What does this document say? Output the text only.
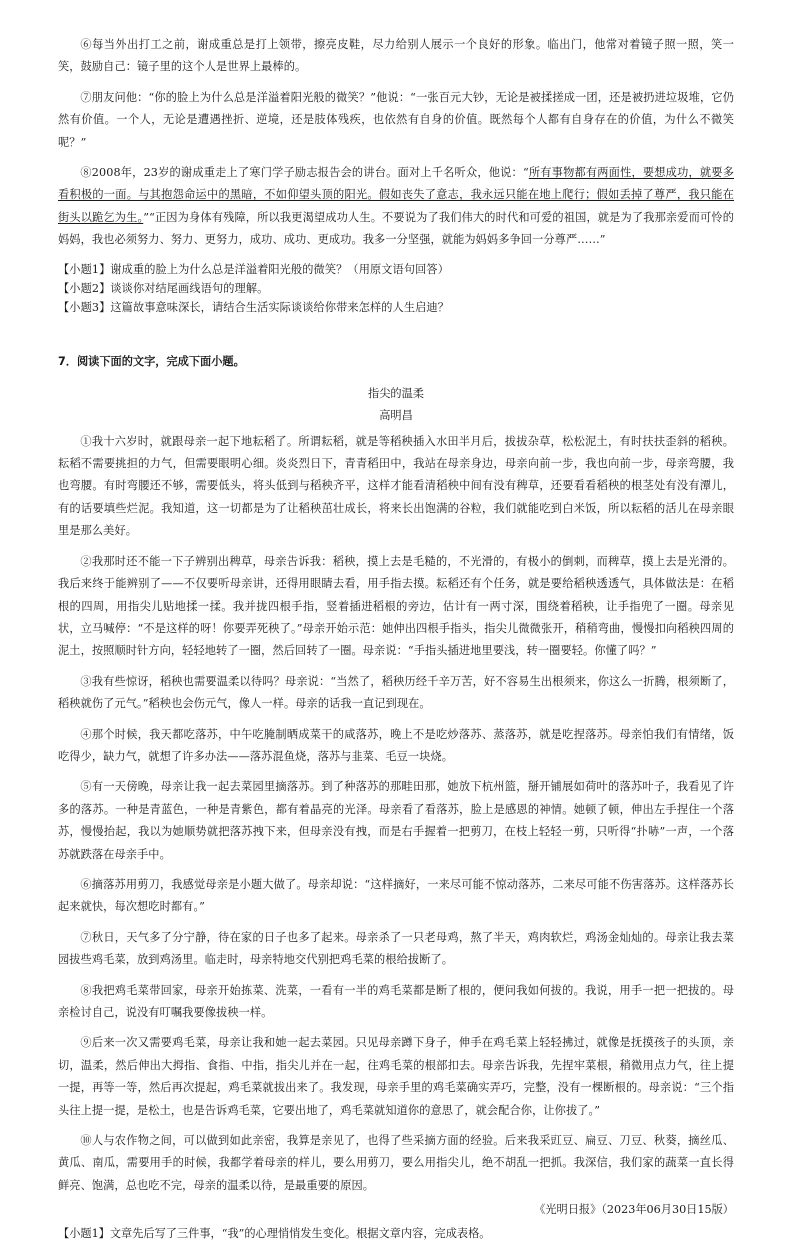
⑥每当外出打工之前，谢成重总是打上领带，擦亮皮鞋，尽力给别人展示一个良好的形象。临出门，他常对着镜子照一照，笑一笑，鼓励自己：镜子里的这个人是世界上最棒的。

⑦朋友问他：“你的脸上为什么总是洋溢着阳光般的微笑？”他说：“一张百元大钞，无论是被揉搓成一团，还是被扔进垃圾堆，它仍然有价值。一个人，无论是遭遇挫折、逆境，还是肢体残疾，也依然有自身的价值。既然每个人都有自身存在的价值，为什么不微笑呢？”

⑧2008年，23岁的谢成重走上了寒门学子励志报告会的讲台。面对上千名听众，他说：“所有事物都有两面性，要想成功，就要多看积极的一面。与其抱怨命运中的黑暗，不如仰望头顶的阳光。假如丧失了意志，我永远只能在地上爬行；假如丢掉了尊严，我只能在街头以跪乞为生。”“正因为身体有残障，所以我更渴望成功人生。不要说为了我们伟大的时代和可爱的祖国，就是为了我那亲爱而可怜的妈妈，我也必须努力、努力、更努力，成功、成功、更成功。我多一分坚强，就能为妈妈多争回一分尊严……”

【小题1】谢成重的脸上为什么总是洋溢着阳光般的微笑？（用原文语句回答）

【小题2】谈谈你对结尾画线语句的理解。

【小题3】这篇故事意味深长，请结合生活实际谈谈给你带来怎样的人生启迪？

7．阅读下面的文字，完成下面小题。
指尖的温柔
高明昌

①我十六岁时，就跟母亲一起下地耘稻了。所谓耘稻，就是等稻秧插入水田半月后，拔拔杂草，松松泥土，有时扶扶歪斜的稻秧。耘稻不需要挑担的力气，但需要眼明心细。炎炎烈日下，青青稻田中，我站在母亲身边，母亲向前一步，我也向前一步，母亲弯腰，我也弯腰。有时弯腰还不够，需要低头，将头低到与稻秧齐平，这样才能看清稻秧中间有没有稗草，还要看看稻秧的根茎处有没有潭儿，有的话要填些烂泥。我知道，这一切都是为了让稻秧茁壮成长，将来长出饱满的谷粒，我们就能吃到白米饭，所以耘稻的活儿在母亲眼里是那么美好。

②我那时还不能一下子辨别出稗草，母亲告诉我：稻秧，摸上去是毛糙的，不光滑的，有极小的倒刺，而稗草，摸上去是光滑的。我后来终于能辨别了——不仅要听母亲讲，还得用眼睛去看，用手指去摸。耘稻还有个任务，就是要给稻秧透透气，具体做法是：在稻根的四周，用指尖儿贴地揉一揉。我并拢四根手指，竖着插进稻根的旁边，估计有一两寸深，围绕着稻秧，让手指兜了一圈。母亲见状，立马喊停：“不是这样的呀！你要弄死秧了。”母亲开始示范：她伸出四根手指头，指尖儿微微张开，稍稍弯曲，慢慢扣向稻秧四周的泥土，按照顺时针方向，轻轻地转了一圈，然后回转了一圈。母亲说：“手指头插进地里要浅，转一圈要轻。你懂了吗？”

③我有些惊讶，稻秧也需要温柔以待吗？母亲说：“当然了，稻秧历经千辛万苦，好不容易生出根须来，你这么一折腾，根须断了，稻秧就伤了元气。”稻秧也会伤元气，像人一样。母亲的话我一直记到现在。

④那个时候，我天都吃落苏，中午吃腌制晒成菜干的咸落苏，晚上不是吃炒落苏、蒸落苏，就是吃捏落苏。母亲怕我们有情绪，饭吃得少，缺力气，就想了许多办法——落苏混鱼烧，落苏与韭菜、毛豆一块烧。

⑤有一天傍晚，母亲让我一起去菜园里摘落苏。到了种落苏的那畦田那，她放下杭州篮，掰开铺展如荷叶的落苏叶子，我看见了许多的落苏。一种是青蓝色，一种是青紫色，都有着晶亮的光泽。母亲看了看落苏，脸上是感恩的神情。她顿了顿，伸出左手捏住一个落苏，慢慢抬起，我以为她顺势就把落苏拽下来，但母亲没有拽，而是右手握着一把剪刀，在枝上轻轻一剪，只听得“扑哧”一声，一个落苏就跌落在母亲手中。

⑥摘落苏用剪刀，我感觉母亲是小题大做了。母亲却说：“这样摘好，一来尽可能不惊动落苏，二来尽可能不伤害落苏。这样落苏长起来就快，每次想吃时都有。”

⑦秋日，天气多了分宁静，待在家的日子也多了起来。母亲杀了一只老母鸡，熬了半天，鸡肉软烂，鸡汤金灿灿的。母亲让我去菜园拔些鸡毛菜，放到鸡汤里。临走时，母亲特地交代别把鸡毛菜的根给拔断了。

⑧我把鸡毛菜带回家，母亲开始拣菜、洗菜，一看有一半的鸡毛菜都是断了根的，便问我如何拔的。我说，用手一把一把拔的。母亲检讨自己，说没有叮嘱我要像拔秧一样。

⑨后来一次又需要鸡毛菜，母亲让我和她一起去菜园。只见母亲蹲下身子，伸手在鸡毛菜上轻轻拂过，就像是抚摸孩子的头顶，亲切，温柔，然后伸出大拇指、食指、中指，指尖儿并在一起，往鸡毛菜的根部扣去。母亲告诉我，先捏牢菜根，稍微用点力气，往上提一提，再等一等，然后再次提起，鸡毛菜就拔出来了。我发现，母亲手里的鸡毛菜确实弄巧，完整，没有一棵断根的。母亲说：“三个指头往上提一提，是松土，也是告诉鸡毛菜，它要出地了，鸡毛菜就知道你的意思了，就会配合你，让你拔了。”

⑩人与农作物之间，可以做到如此亲密，我算是亲见了，也得了些采摘方面的经验。后来我采豇豆、扁豆、刀豆、秋葵，摘丝瓜、黄瓜、南瓜，需要用手的时候，我都学着母亲的样儿，要么用剪刀，要么用指尖儿，绝不胡乱一把抓。我深信，我们家的蔬菜一直长得鲜亮、饱满，总也吃不完，母亲的温柔以待，是最重要的原因。

《光明日报》（2023年06月30日15版）
【小题1】文章先后写了三件事，“我”的心理悄悄发生变化。根据文章内容，完成表格。
